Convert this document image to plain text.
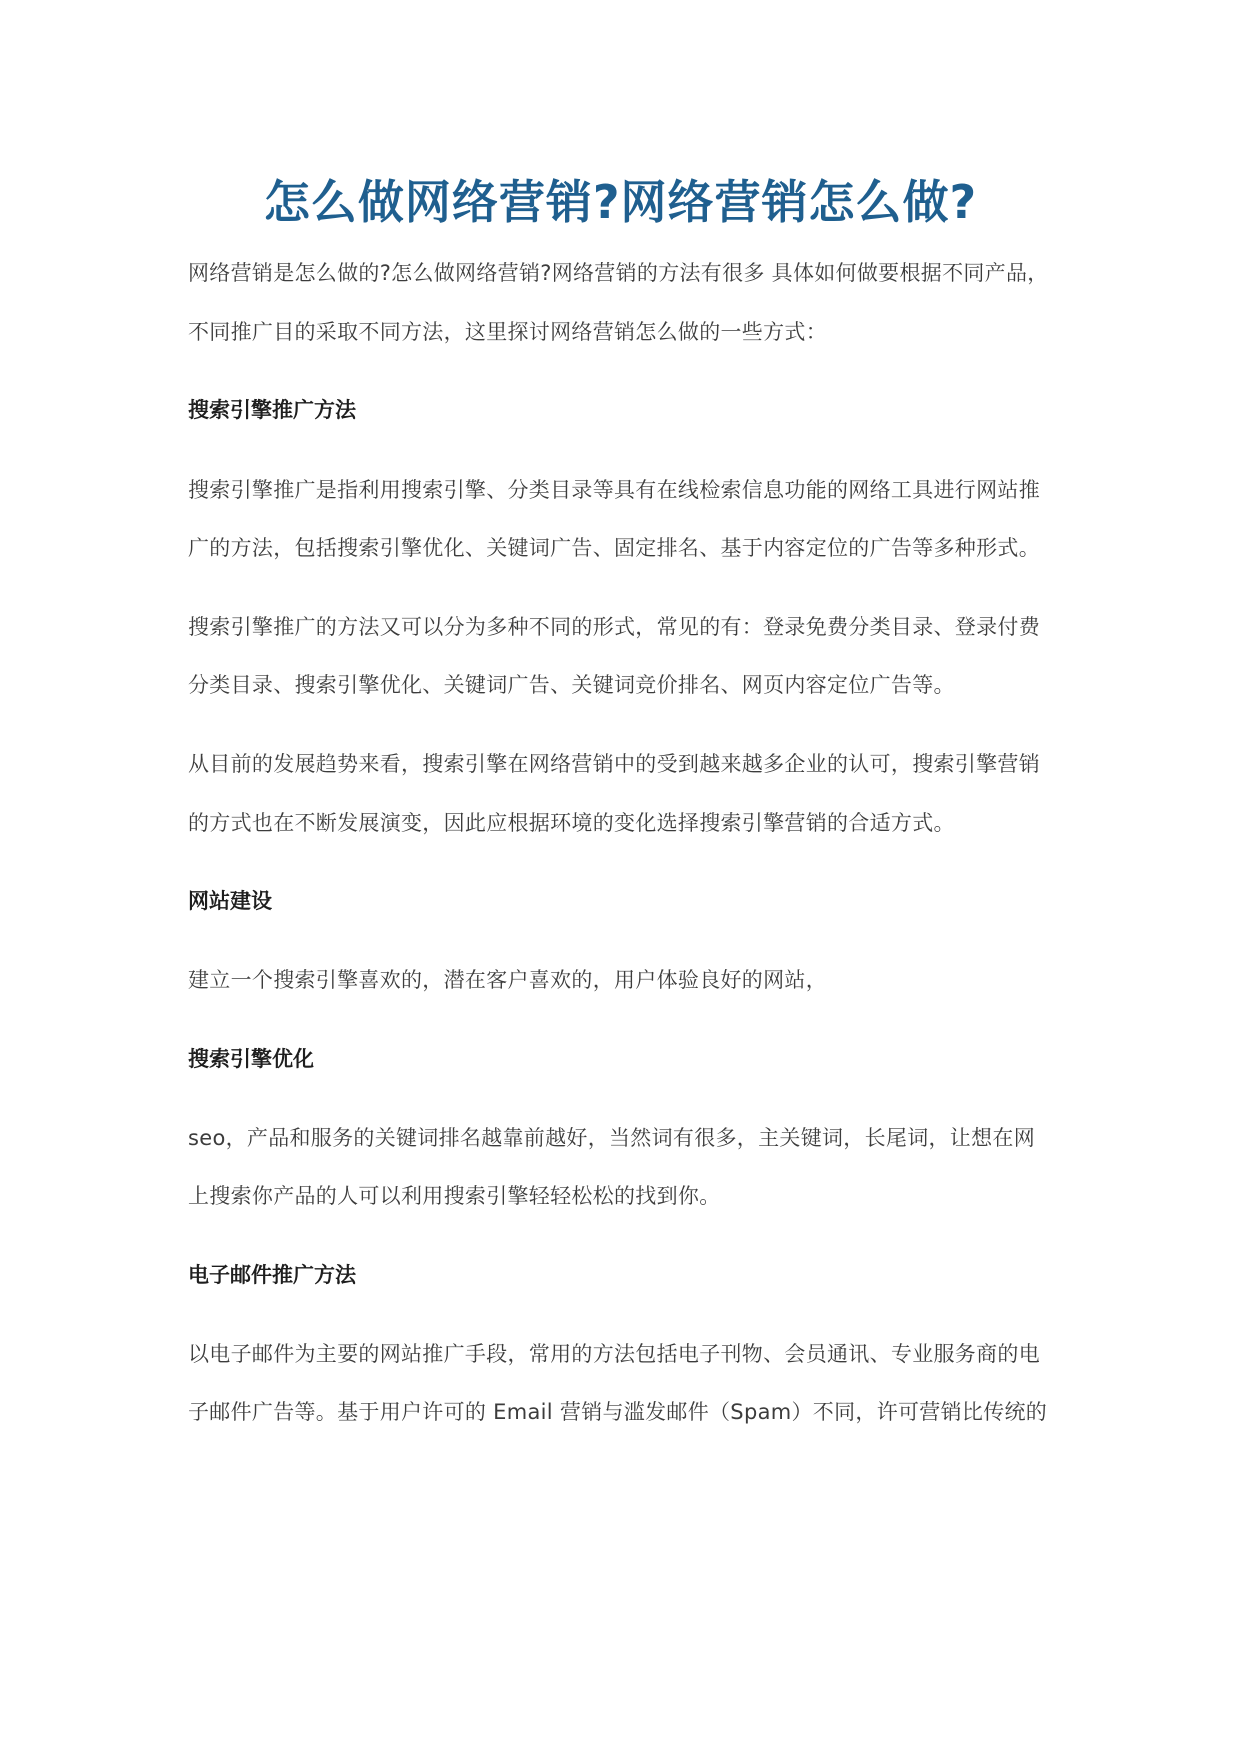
怎么做网络营销?网络营销怎么做?
网络营销是怎么做的?怎么做网络营销?网络营销的方法有很多 具体如何做要根据不同产品，
不同推广目的采取不同方法，这里探讨网络营销怎么做的一些方式：
搜索引擎推广方法
搜索引擎推广是指利用搜索引擎、分类目录等具有在线检索信息功能的网络工具进行网站推
广的方法，包括搜索引擎优化、关键词广告、固定排名、基于内容定位的广告等多种形式。
搜索引擎推广的方法又可以分为多种不同的形式，常见的有：登录免费分类目录、登录付费
分类目录、搜索引擎优化、关键词广告、关键词竞价排名、网页内容定位广告等。
从目前的发展趋势来看，搜索引擎在网络营销中的受到越来越多企业的认可，搜索引擎营销
的方式也在不断发展演变，因此应根据环境的变化选择搜索引擎营销的合适方式。
网站建设
建立一个搜索引擎喜欢的，潜在客户喜欢的，用户体验良好的网站，
搜索引擎优化
seo，产品和服务的关键词排名越靠前越好，当然词有很多，主关键词，长尾词，让想在网
上搜索你产品的人可以利用搜索引擎轻轻松松的找到你。
电子邮件推广方法
以电子邮件为主要的网站推广手段，常用的方法包括电子刊物、会员通讯、专业服务商的电
子邮件广告等。基于用户许可的 Email 营销与滥发邮件（Spam）不同，许可营销比传统的
